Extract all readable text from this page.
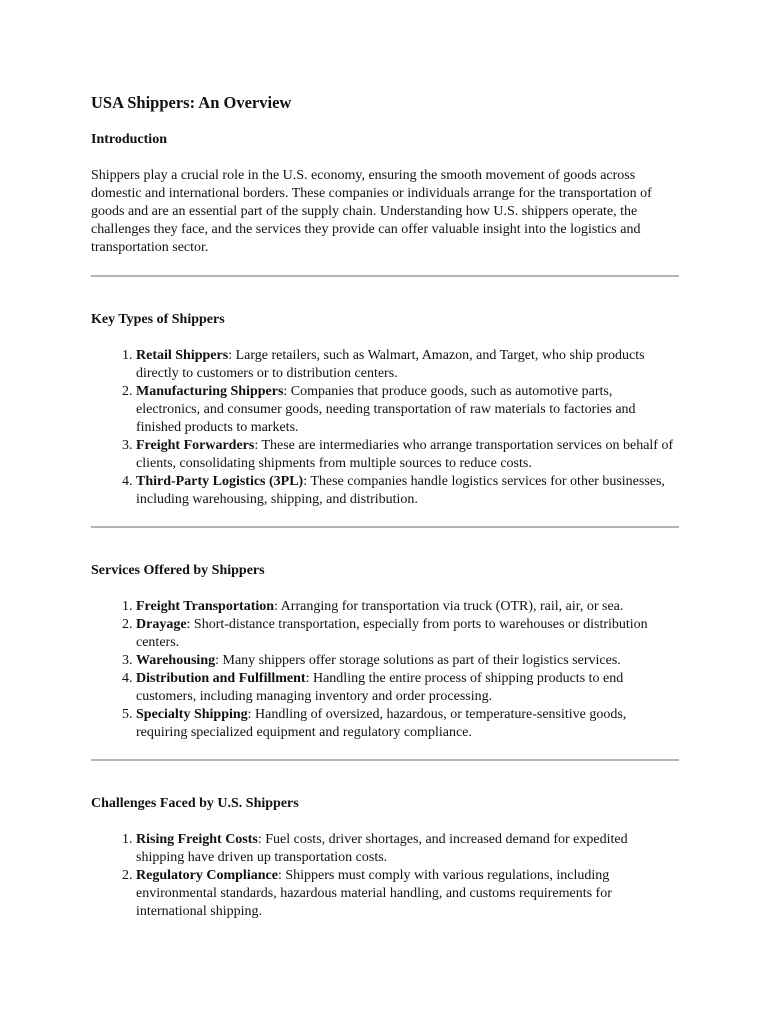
USA Shippers: An Overview
Introduction

Shippers play a crucial role in the U.S. economy, ensuring the smooth movement of goods across domestic and international borders. These companies or individuals arrange for the transportation of goods and are an essential part of the supply chain. Understanding how U.S. shippers operate, the challenges they face, and the services they provide can offer valuable insight into the logistics and transportation sector.

Key Types of Shippers
1. Retail Shippers: Large retailers, such as Walmart, Amazon, and Target, who ship products directly to customers or to distribution centers.
2. Manufacturing Shippers: Companies that produce goods, such as automotive parts, electronics, and consumer goods, needing transportation of raw materials to factories and finished products to markets.
3. Freight Forwarders: These are intermediaries who arrange transportation services on behalf of clients, consolidating shipments from multiple sources to reduce costs.
4. Third-Party Logistics (3PL): These companies handle logistics services for other businesses, including warehousing, shipping, and distribution.
Services Offered by Shippers
1. Freight Transportation: Arranging for transportation via truck (OTR), rail, air, or sea.
2. Drayage: Short-distance transportation, especially from ports to warehouses or distribution centers.
3. Warehousing: Many shippers offer storage solutions as part of their logistics services.
4. Distribution and Fulfillment: Handling the entire process of shipping products to end customers, including managing inventory and order processing.
5. Specialty Shipping: Handling of oversized, hazardous, or temperature-sensitive goods, requiring specialized equipment and regulatory compliance.
Challenges Faced by U.S. Shippers
1. Rising Freight Costs: Fuel costs, driver shortages, and increased demand for expedited shipping have driven up transportation costs.
2. Regulatory Compliance: Shippers must comply with various regulations, including environmental standards, hazardous material handling, and customs requirements for international shipping.
